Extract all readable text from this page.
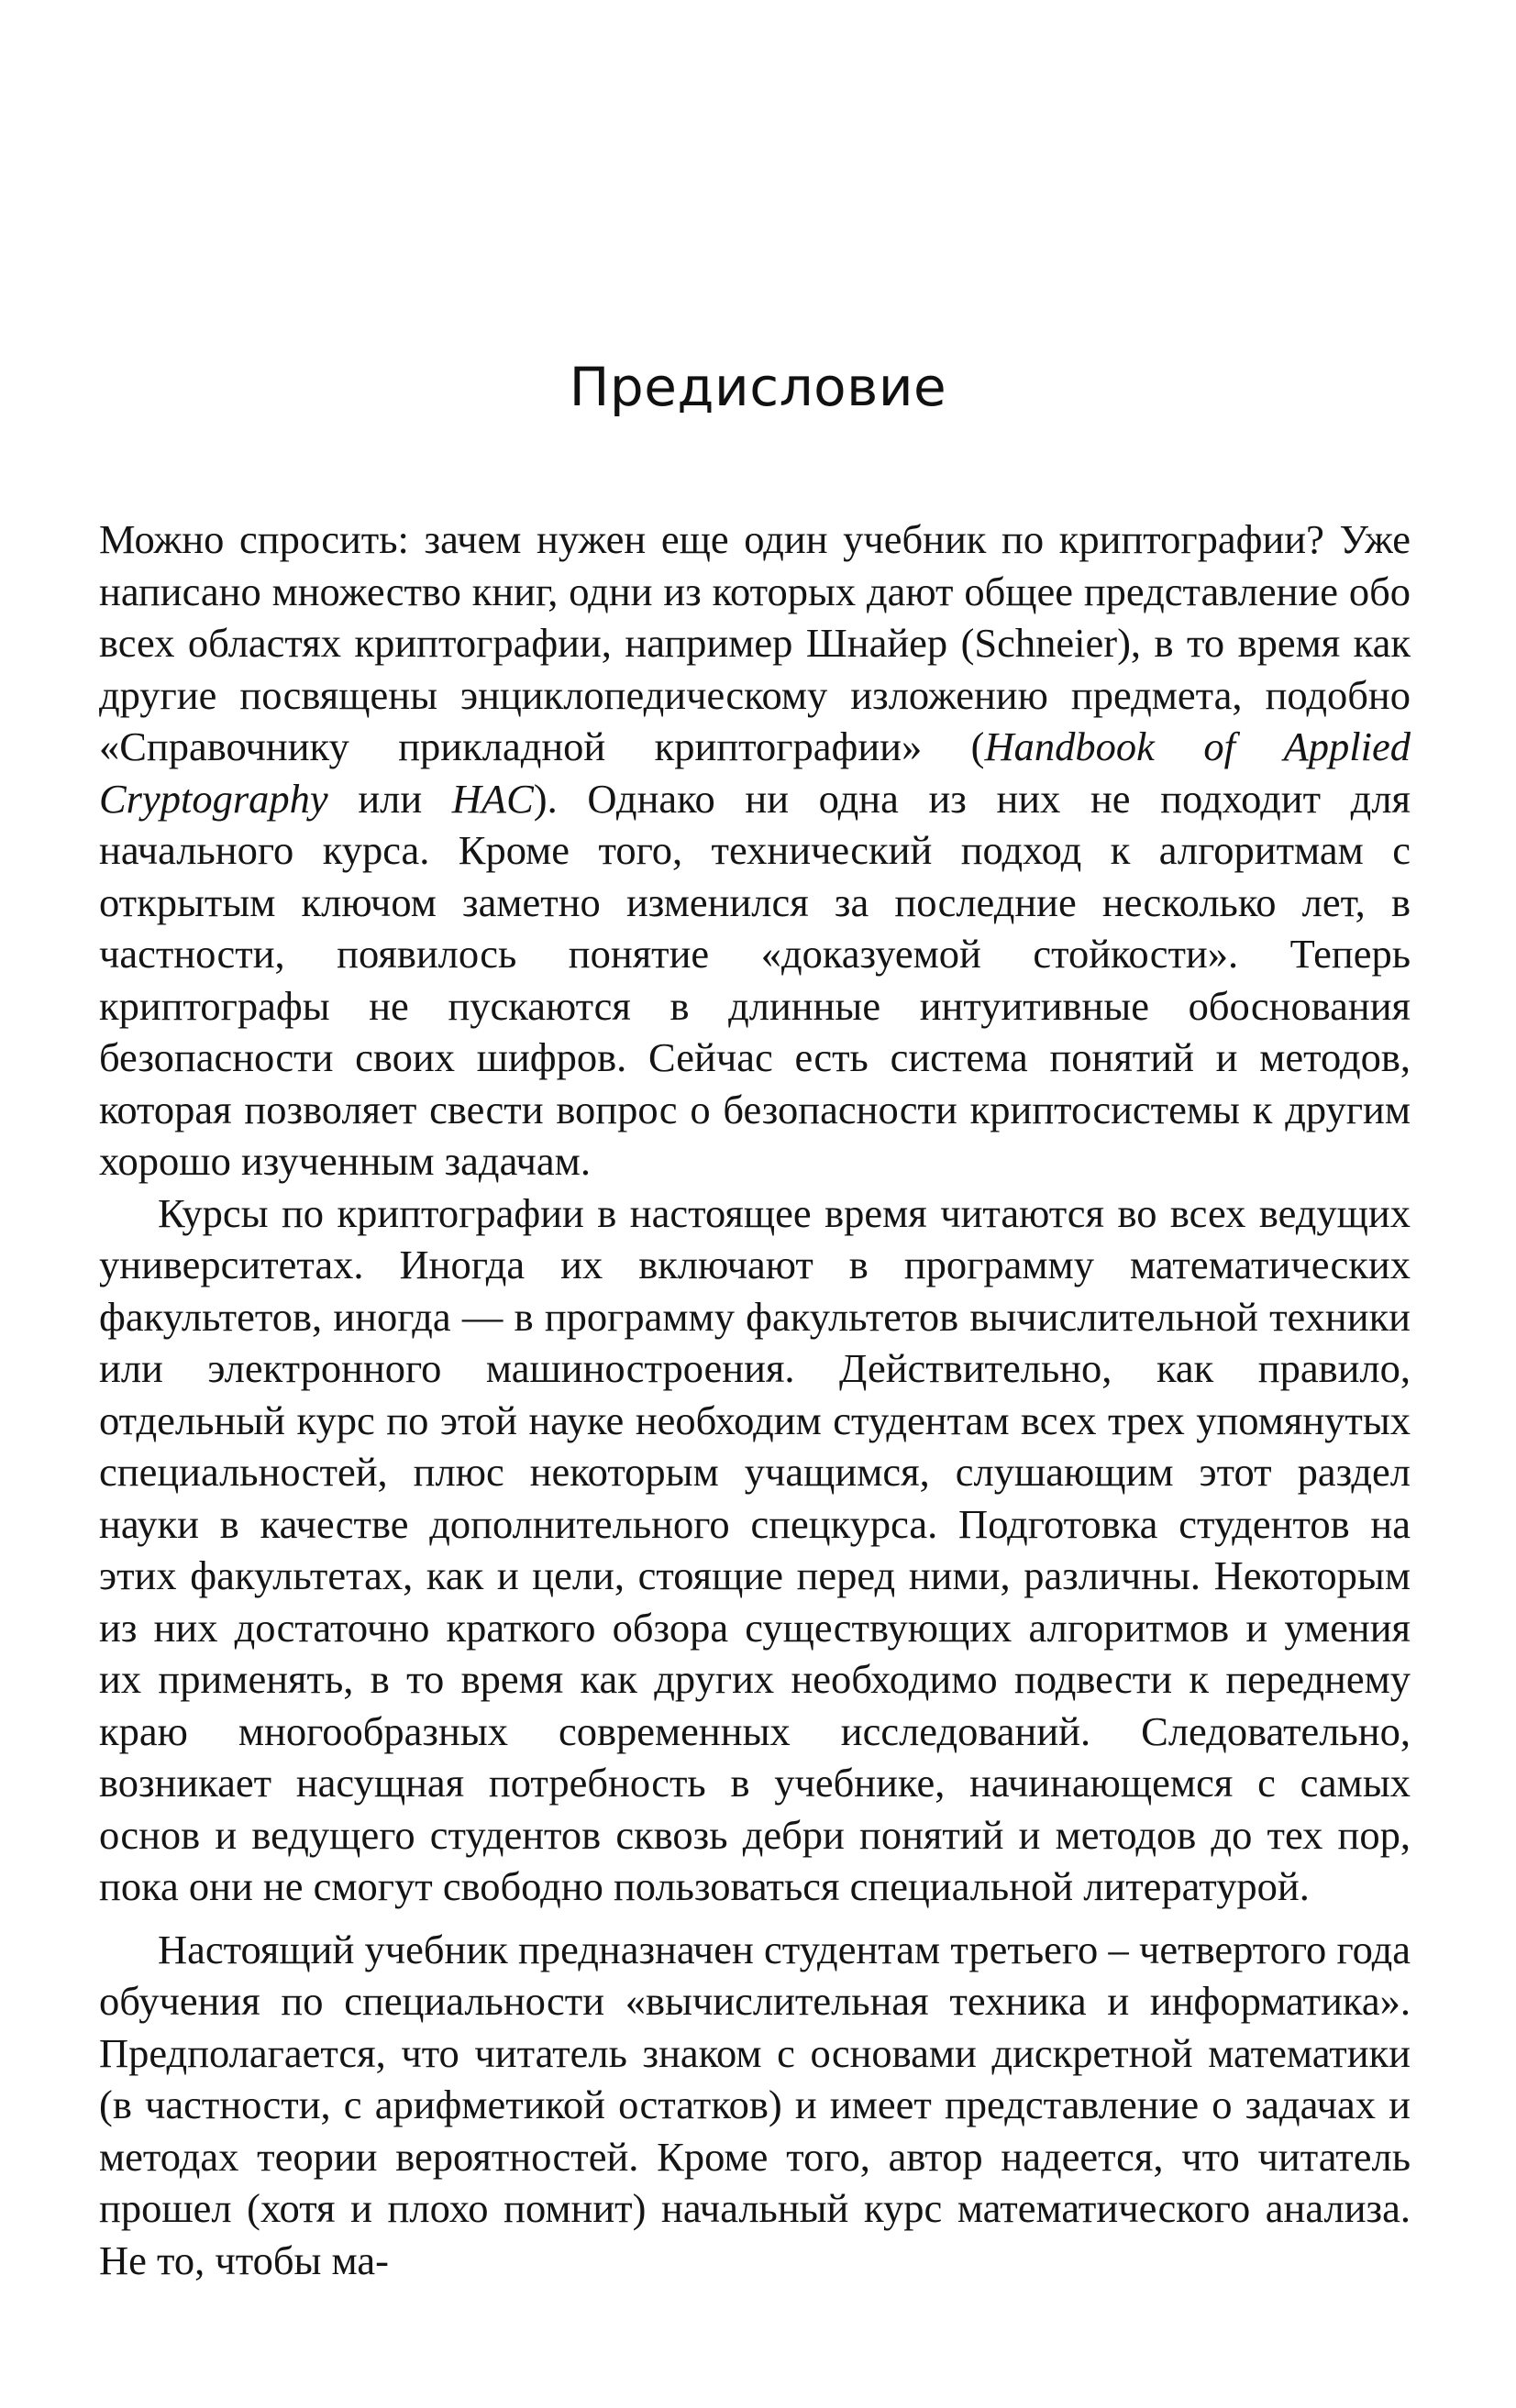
Предисловие

Можно спросить: зачем нужен еще один учебник по криптографии? Уже написано множество книг, одни из которых дают общее представление обо всех областях криптографии, например Шнайер (Schneier), в то время как другие посвящены энциклопедическому изложению предмета, подобно «Справочнику прикладной криптографии» (Handbook of Applied Cryptography или HAC). Однако ни одна из них не подходит для начального курса. Кроме того, технический подход к алгоритмам с открытым ключом заметно изменился за последние несколько лет, в частности, появилось понятие «доказуемой стойкости». Теперь криптографы не пускаются в длинные интуитивные обоснования безопасности своих шифров. Сейчас есть система понятий и методов, которая позволяет свести вопрос о безопасности криптосистемы к другим хорошо изученным задачам.

Курсы по криптографии в настоящее время читаются во всех ведущих университетах. Иногда их включают в программу математических факультетов, иногда — в программу факультетов вычислительной техники или электронного машиностроения. Действительно, как правило, отдельный курс по этой науке необходим студентам всех трех упомянутых специальностей, плюс некоторым учащимся, слушающим этот раздел науки в качестве дополнительного спецкурса. Подготовка студентов на этих факультетах, как и цели, стоящие перед ними, различны. Некоторым из них достаточно краткого обзора существующих алгоритмов и умения их применять, в то время как других необходимо подвести к переднему краю многообразных современных исследований. Следовательно, возникает насущная потребность в учебнике, начинающемся с самых основ и ведущего студентов сквозь дебри понятий и методов до тех пор, пока они не смогут свободно пользоваться специальной литературой.

Настоящий учебник предназначен студентам третьего – четвертого года обучения по специальности «вычислительная техника и информатика». Предполагается, что читатель знаком с основами дискретной математики (в частности, с арифметикой остатков) и имеет представление о задачах и методах теории вероятностей. Кроме того, автор надеется, что читатель прошел (хотя и плохо помнит) начальный курс математического анализа. Не то, чтобы ма-
